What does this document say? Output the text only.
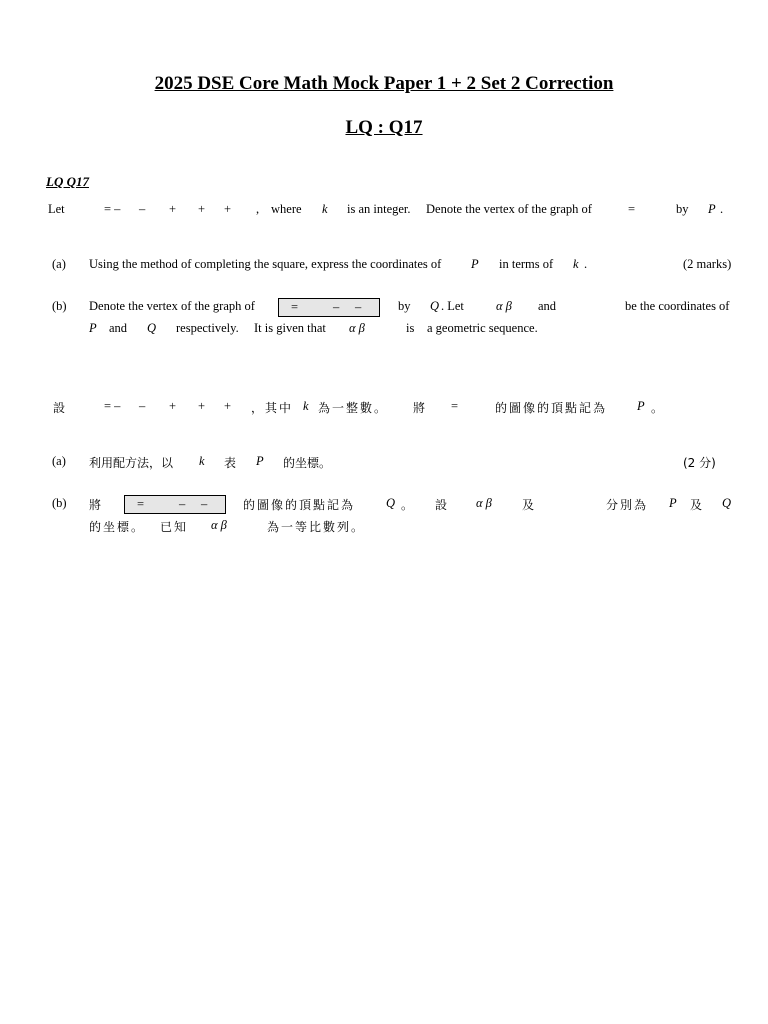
2025 DSE Core Math Mock Paper 1 + 2 Set 2 Correction
LQ : Q17
LQ Q17
Let	= – – + + + , where k is an integer. Denote the vertex of the graph of	=	by P .
(a) Using the method of completing the square, express the coordinates of P in terms of k .	(2 marks)
(b) Denote the vertex of the graph of	=	– –	by Q . Let	α β and	be the coordinates of
P and Q respectively. It is given that α β	is a geometric sequence.
設	= – – + + + ，其中 k 為一整數。 將 =	的圖像的頂點記為 P 。
(a) 利用配方法，以 k 表 P 的坐標。	(2 分)
(b) 將	=	– –	的圖像的頂點記為 Q 。 設 α β	及	分別為 P 及 Q
的坐標。 已知 α β	為一等比數列。
